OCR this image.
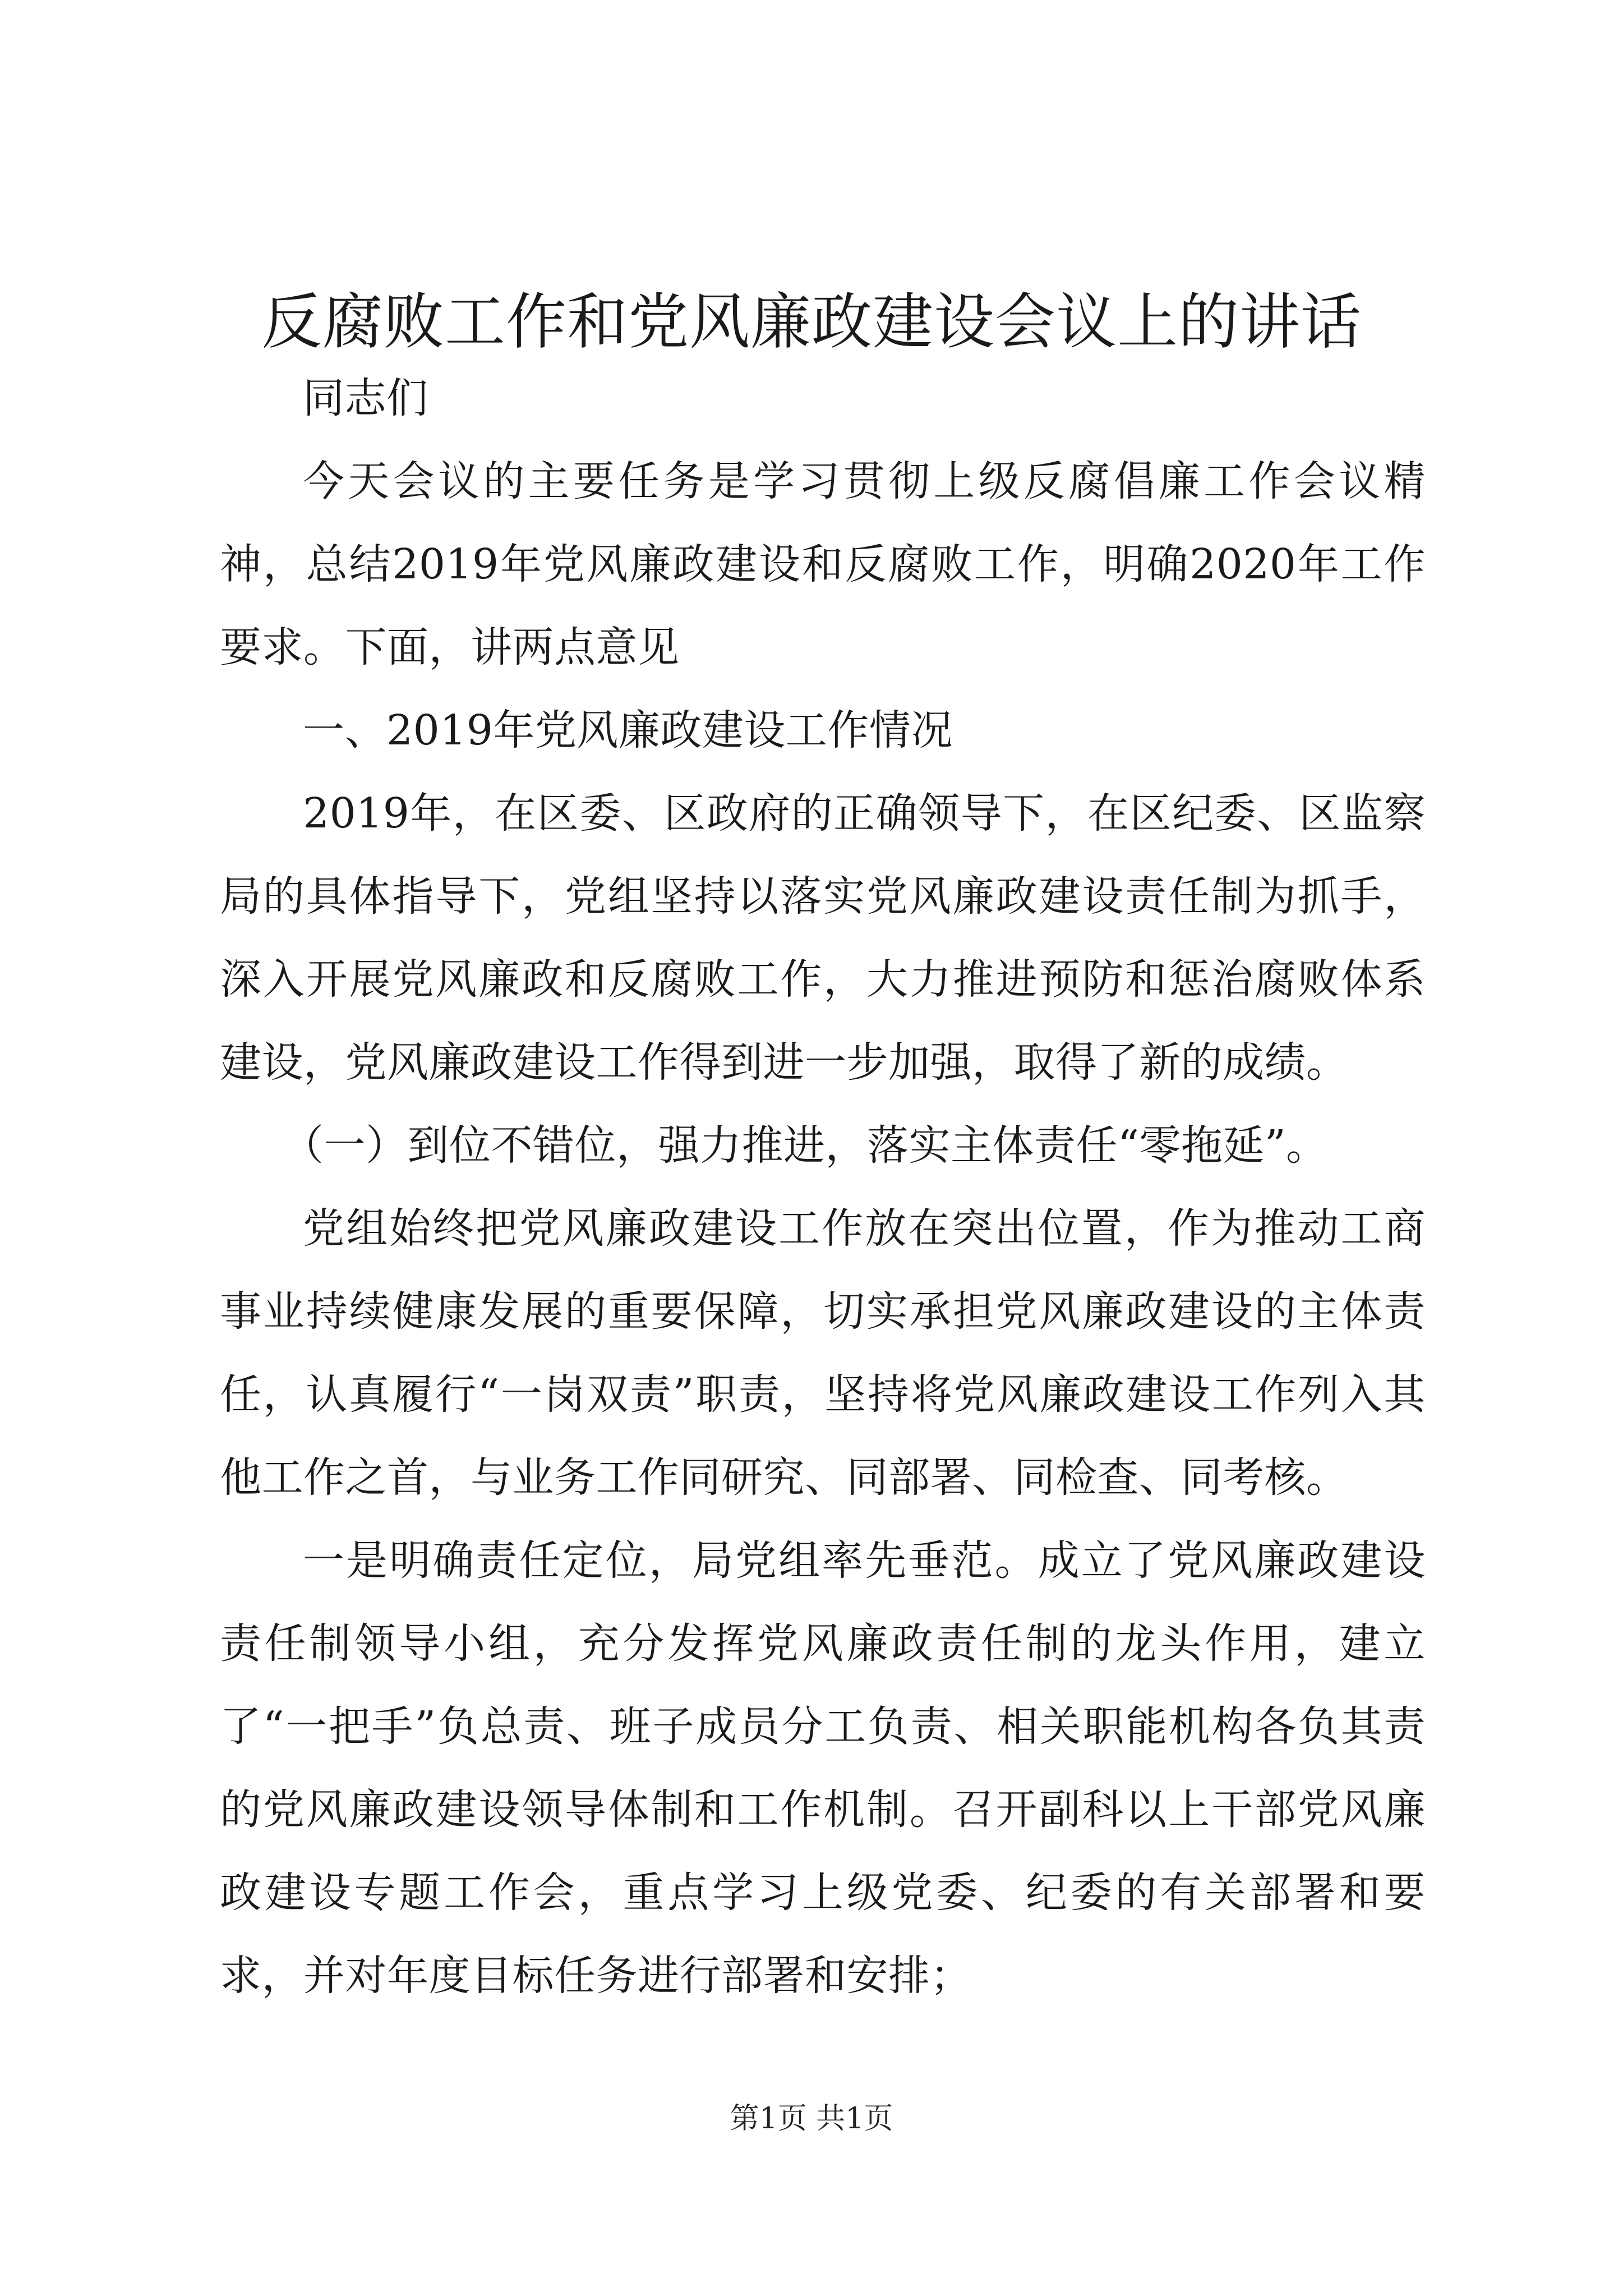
反腐败工作和党风廉政建设会议上的讲话

同志们

今天会议的主要任务是学习贯彻上级反腐倡廉工作会议精神，总结2019年党风廉政建设和反腐败工作，明确2020年工作要求。下面，讲两点意见

一、2019年党风廉政建设工作情况

2019年，在区委、区政府的正确领导下，在区纪委、区监察局的具体指导下，党组坚持以落实党风廉政建设责任制为抓手，深入开展党风廉政和反腐败工作，大力推进预防和惩治腐败体系建设，党风廉政建设工作得到进一步加强，取得了新的成绩。

（一）到位不错位，强力推进，落实主体责任“零拖延”。

党组始终把党风廉政建设工作放在突出位置，作为推动工商事业持续健康发展的重要保障，切实承担党风廉政建设的主体责任，认真履行“一岗双责”职责，坚持将党风廉政建设工作列入其他工作之首，与业务工作同研究、同部署、同检查、同考核。

一是明确责任定位，局党组率先垂范。成立了党风廉政建设责任制领导小组，充分发挥党风廉政责任制的龙头作用，建立了“一把手”负总责、班子成员分工负责、相关职能机构各负其责的党风廉政建设领导体制和工作机制。召开副科以上干部党风廉政建设专题工作会，重点学习上级党委、纪委的有关部署和要求，并对年度目标任务进行部署和安排；

第1页 共1页
